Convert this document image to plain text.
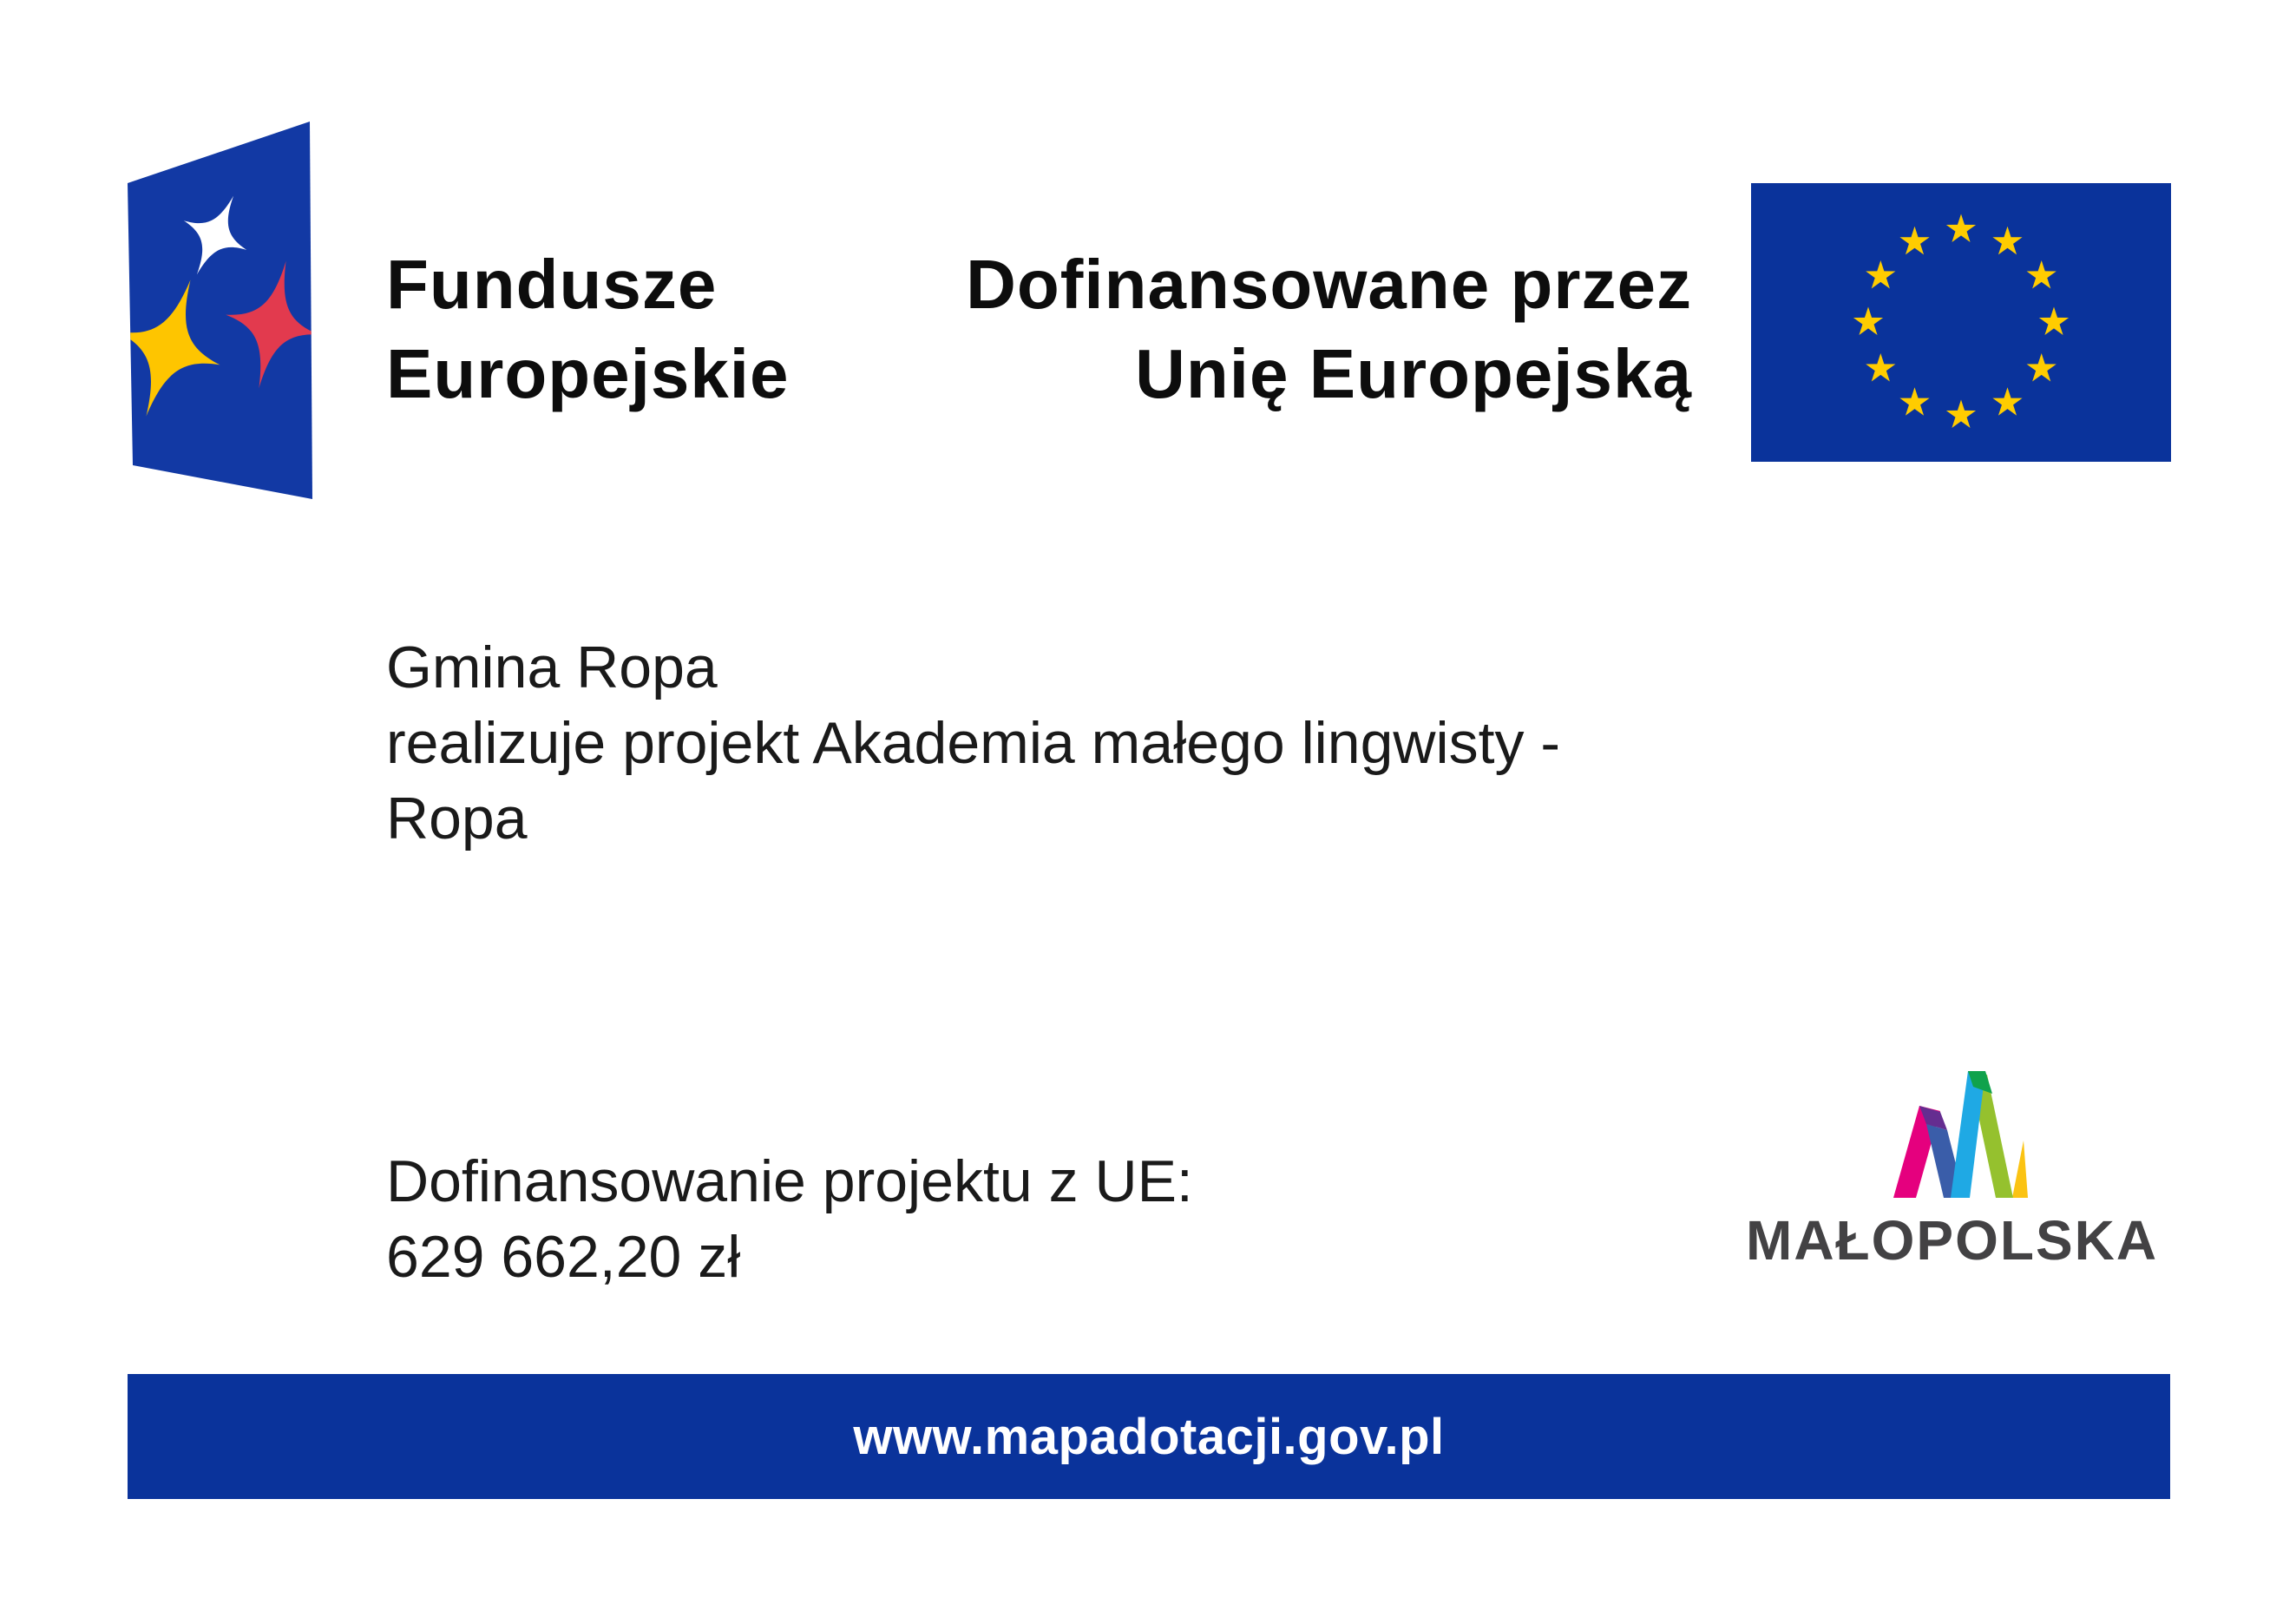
Fundusze
Europejskie
Dofinansowane przez
Unię Europejską
Gmina Ropa
realizuje projekt Akademia małego lingwisty -
Ropa
Dofinansowanie projektu z UE:
629 662,20 zł	MAŁOPOLSKA
www.mapadotacji.gov.pl
